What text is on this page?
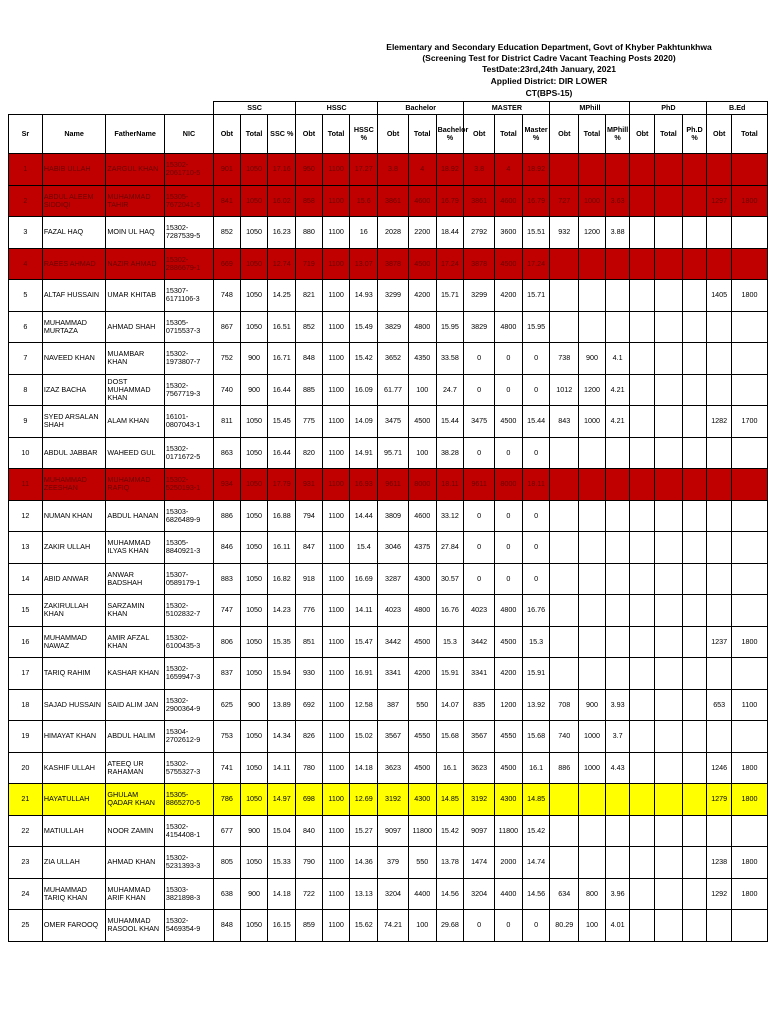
Elementary and Secondary Education Department, Govt of Khyber Pakhtunkhwa
(Screening Test for District Cadre Vacant Teaching Posts 2020)
TestDate:23rd,24th January, 2021
Applied District: DIR LOWER
CT(BPS-15)
				SSC			HSSC			Bachelor			MASTER			MPhill			PhD			B.Ed	
Sr	Name	FatherName	NIC	Obt	Total	SSC %	Obt	Total	HSSC %	Obt	Total	Bachelor %	Obt	Total	Master %	Obt	Total	MPhill %	Obt	Total	Ph.D %	Obt	Total
1	HABIB ULLAH	ZARGUL KHAN	15302-2061710-5	901	1050	17.16	950	1100	17.27	3.8	4	18.92	3.8	4	18.92								
2	ABDUL ALEEM SIDDIQI	MUHAMMAD TAHIR	15305-7672041-5	841	1050	16.02	858	1100	15.6	3861	4600	16.79	3861	4600	16.79	727	1000	3.63				1297	1800
3	FAZAL HAQ	MOIN UL HAQ	15302-7287539-5	852	1050	16.23	880	1100	16	2028	2200	18.44	2792	3600	15.51	932	1200	3.88					
4	RAEES AHMAD	NAZIR AHMAD	15302-2886679-1	669	1050	12.74	719	1100	13.07	3878	4500	17.24	3878	4500	17.24								
5	ALTAF HUSSAIN	UMAR KHITAB	15307-6171106-3	748	1050	14.25	821	1100	14.93	3299	4200	15.71	3299	4200	15.71							1405	1800
6	MUHAMMAD MURTAZA	AHMAD SHAH	15305-0715537-3	867	1050	16.51	852	1100	15.49	3829	4800	15.95	3829	4800	15.95								
7	NAVEED KHAN	MUAMBAR KHAN	15302-1973807-7	752	900	16.71	848	1100	15.42	3652	4350	33.58	0	0	0	738	900	4.1					
8	IZAZ BACHA	DOST MUHAMMAD KHAN	15302-7567719-3	740	900	16.44	885	1100	16.09	61.77	100	24.7	0	0	0	1012	1200	4.21					
9	SYED ARSALAN SHAH	ALAM KHAN	16101-0807043-1	811	1050	15.45	775	1100	14.09	3475	4500	15.44	3475	4500	15.44	843	1000	4.21				1282	1700
10	ABDUL JABBAR	WAHEED GUL	15302-0171672-5	863	1050	16.44	820	1100	14.91	95.71	100	38.28	0	0	0								
11	MUHAMMAD ZEESHAN	MUHAMMAD RAFIQ	15302-5250193-1	934	1050	17.79	931	1100	16.93	9611	8000	18.11	9611	8000	18.11								
12	NUMAN KHAN	ABDUL HANAN	15303-6826489-9	886	1050	16.88	794	1100	14.44	3809	4600	33.12	0	0	0								
13	ZAKIR ULLAH	MUHAMMAD ILYAS KHAN	15305-8840921-3	846	1050	16.11	847	1100	15.4	3046	4375	27.84	0	0	0								
14	ABID ANWAR	ANWAR BADSHAH	15307-0589179-1	883	1050	16.82	918	1100	16.69	3287	4300	30.57	0	0	0								
15	ZAKIRULLAH KHAN	SARZAMIN KHAN	15302-5102832-7	747	1050	14.23	776	1100	14.11	4023	4800	16.76	4023	4800	16.76								
16	MUHAMMAD NAWAZ	AMIR AFZAL KHAN	15302-6100435-3	806	1050	15.35	851	1100	15.47	3442	4500	15.3	3442	4500	15.3							1237	1800
17	TARIQ RAHIM	KASHAR KHAN	15302-1659947-3	837	1050	15.94	930	1100	16.91	3341	4200	15.91	3341	4200	15.91								
18	SAJAD HUSSAIN	SAID ALIM JAN	15302-2900364-9	625	900	13.89	692	1100	12.58	387	550	14.07	835	1200	13.92	708	900	3.93				653	1100
19	HIMAYAT KHAN	ABDUL HALIM	15304-2702612-9	753	1050	14.34	826	1100	15.02	3567	4550	15.68	3567	4550	15.68	740	1000	3.7					
20	KASHIF ULLAH	ATEEQ UR RAHAMAN	15302-5755327-3	741	1050	14.11	780	1100	14.18	3623	4500	16.1	3623	4500	16.1	886	1000	4.43				1246	1800
21	HAYATULLAH	GHULAM QADAR KHAN	15305-8865270-5	786	1050	14.97	698	1100	12.69	3192	4300	14.85	3192	4300	14.85							1279	1800
22	MATIULLAH	NOOR ZAMIN	15302-4154408-1	677	900	15.04	840	1100	15.27	9097	11800	15.42	9097	11800	15.42								
23	ZIA ULLAH	AHMAD KHAN	15302-5231393-3	805	1050	15.33	790	1100	14.36	379	550	13.78	1474	2000	14.74							1238	1800
24	MUHAMMAD TARIQ KHAN	MUHAMMAD ARIF KHAN	15303-3821898-3	638	900	14.18	722	1100	13.13	3204	4400	14.56	3204	4400	14.56	634	800	3.96				1292	1800
25	OMER FAROOQ	MUHAMMAD RASOOL KHAN	15302-5469354-9	848	1050	16.15	859	1100	15.62	74.21	100	29.68	0	0	0	80.29	100	4.01					
